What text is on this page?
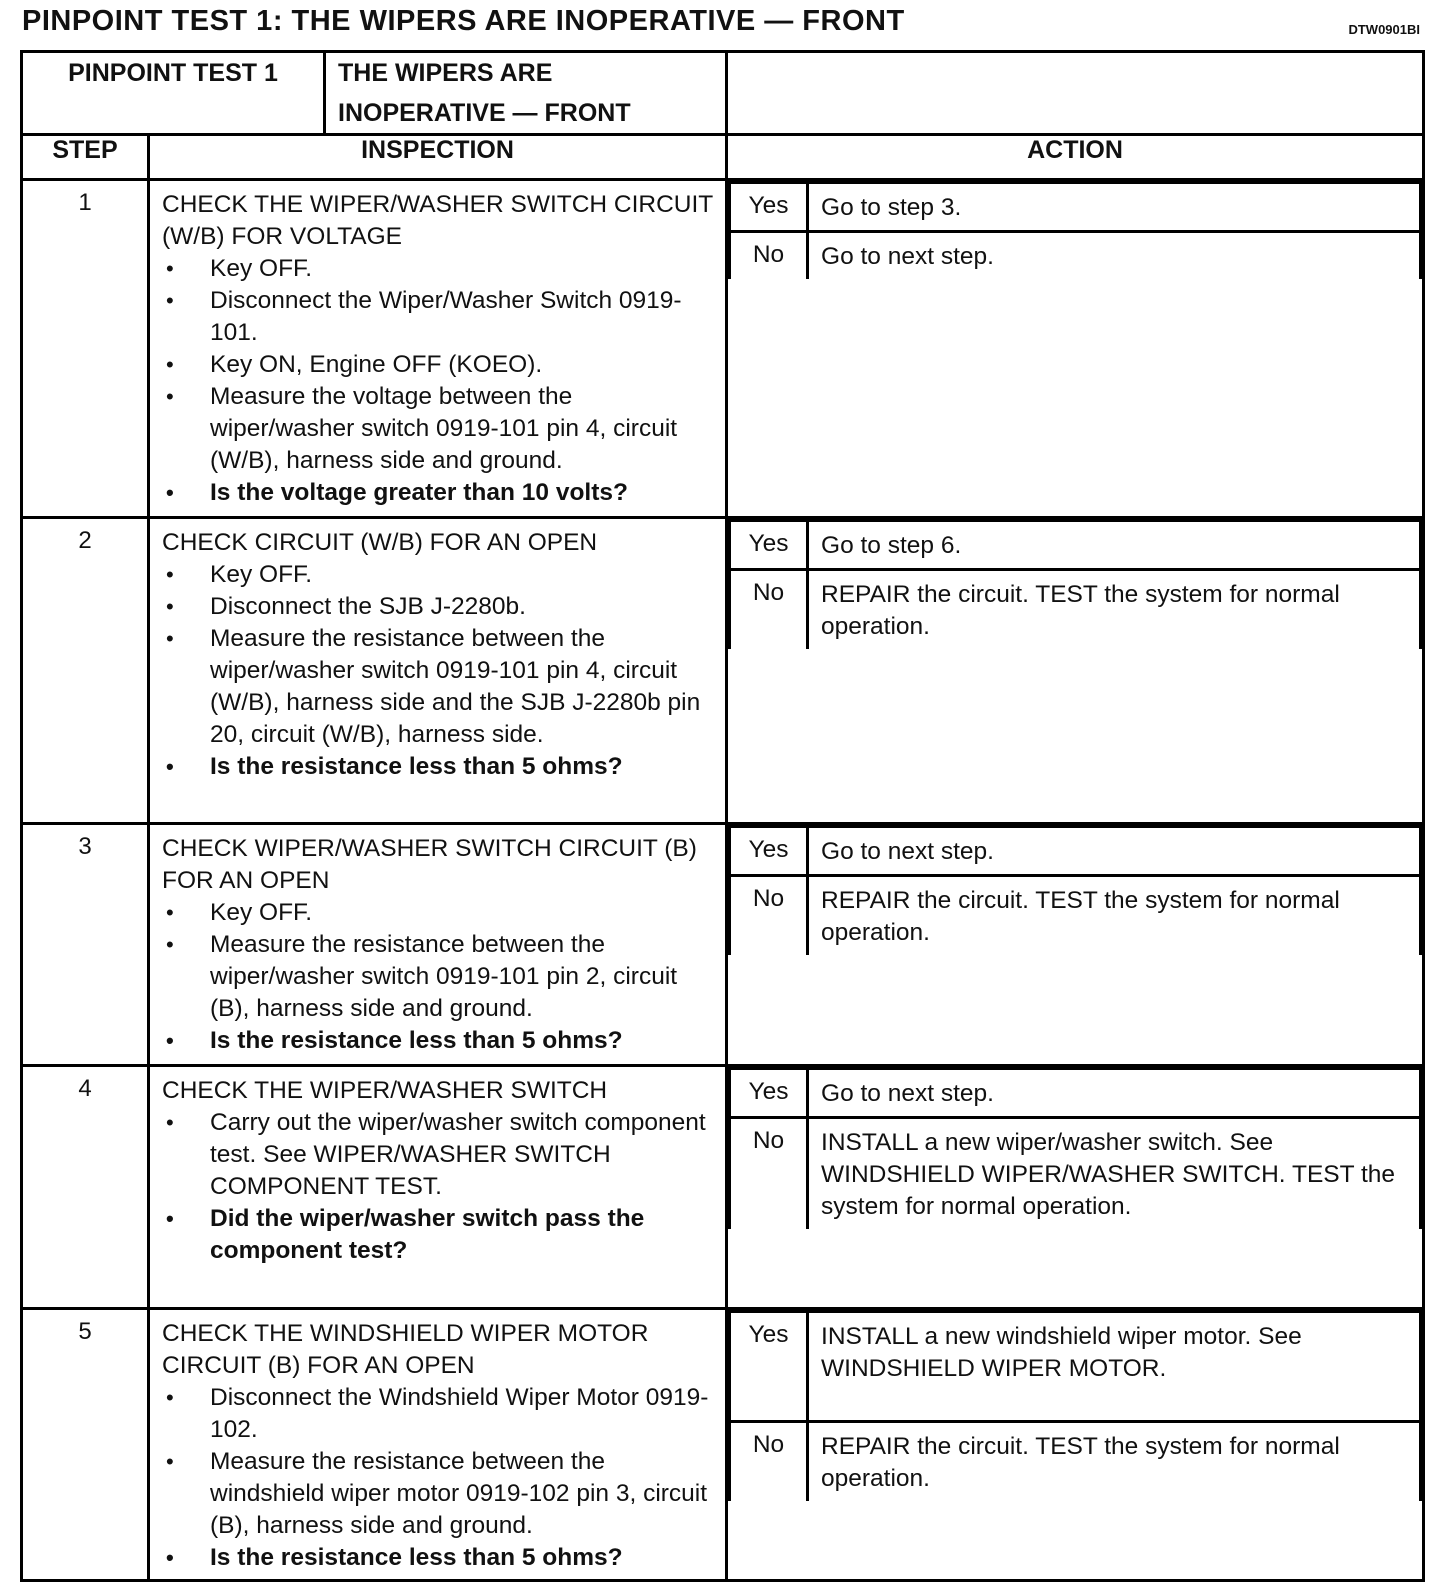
PINPOINT TEST 1: THE WIPERS ARE INOPERATIVE — FRONT	DTW0901BI
PINPOINT TEST 1	THE WIPERS ARE INOPERATIVE — FRONT

STEP	INSPECTION	ACTION
1	CHECK THE WIPER/WASHER SWITCH CIRCUIT (W/B) FOR VOLTAGE
• Key OFF.
• Disconnect the Wiper/Washer Switch 0919-101.
• Key ON, Engine OFF (KOEO).
• Measure the voltage between the wiper/washer switch 0919-101 pin 4, circuit (W/B), harness side and ground.
• Is the voltage greater than 10 volts?

Yes	Go to step 3.
No	Go to next step.

2	CHECK CIRCUIT (W/B) FOR AN OPEN
• Key OFF.
• Disconnect the SJB J-2280b.
• Measure the resistance between the wiper/washer switch 0919-101 pin 4, circuit (W/B), harness side and the SJB J-2280b pin 20, circuit (W/B), harness side.
• Is the resistance less than 5 ohms?

Yes	Go to step 6.
No	REPAIR the circuit. TEST the system for normal operation.

3	CHECK WIPER/WASHER SWITCH CIRCUIT (B) FOR AN OPEN
• Key OFF.
• Measure the resistance between the wiper/washer switch 0919-101 pin 2, circuit (B), harness side and ground.
• Is the resistance less than 5 ohms?

Yes	Go to next step.
No	REPAIR the circuit. TEST the system for normal operation.

4	CHECK THE WIPER/WASHER SWITCH
• Carry out the wiper/washer switch component test. See WIPER/WASHER SWITCH COMPONENT TEST.
• Did the wiper/washer switch pass the component test?

Yes	Go to next step.
No	INSTALL a new wiper/washer switch. See WINDSHIELD WIPER/WASHER SWITCH. TEST the system for normal operation.

5	CHECK THE WINDSHIELD WIPER MOTOR CIRCUIT (B) FOR AN OPEN
• Disconnect the Windshield Wiper Motor 0919-102.
• Measure the resistance between the windshield wiper motor 0919-102 pin 3, circuit (B), harness side and ground.
• Is the resistance less than 5 ohms?

Yes	INSTALL a new windshield wiper motor. See WINDSHIELD WIPER MOTOR.
No	REPAIR the circuit. TEST the system for normal operation.
